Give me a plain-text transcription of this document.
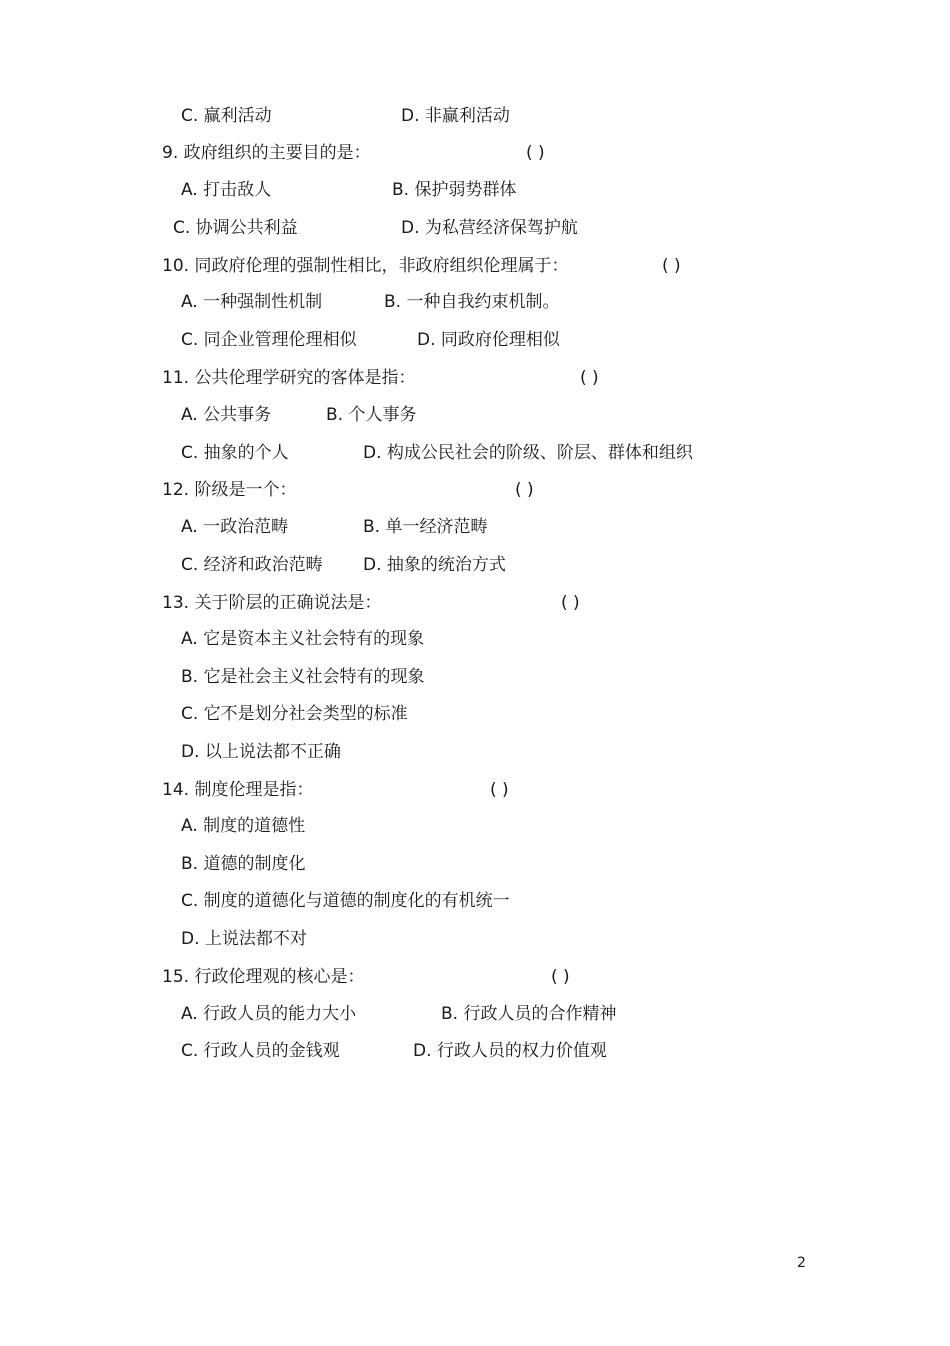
C. 赢利活动	D. 非赢利活动
9. 政府组织的主要目的是：	( )
A. 打击敌人	B. 保护弱势群体
C. 协调公共利益	D. 为私营经济保驾护航
10. 同政府伦理的强制性相比，非政府组织伦理属于：	( )
A. 一种强制性机制	B. 一种自我约束机制。
C. 同企业管理伦理相似	D. 同政府伦理相似
11. 公共伦理学研究的客体是指：	( )
A. 公共事务	B. 个人事务
C. 抽象的个人	D. 构成公民社会的阶级、阶层、群体和组织
12. 阶级是一个：	( )
A. 一政治范畴	B. 单一经济范畴
C. 经济和政治范畴 D. 抽象的统治方式
13. 关于阶层的正确说法是：	( )
A. 它是资本主义社会特有的现象
B. 它是社会主义社会特有的现象
C. 它不是划分社会类型的标准
D. 以上说法都不正确
14. 制度伦理是指：	( )
A. 制度的道德性
B. 道德的制度化
C. 制度的道德化与道德的制度化的有机统一
D. 上说法都不对
15. 行政伦理观的核心是：	( )
A. 行政人员的能力大小	B. 行政人员的合作精神
C. 行政人员的金钱观	D. 行政人员的权力价值观
2
